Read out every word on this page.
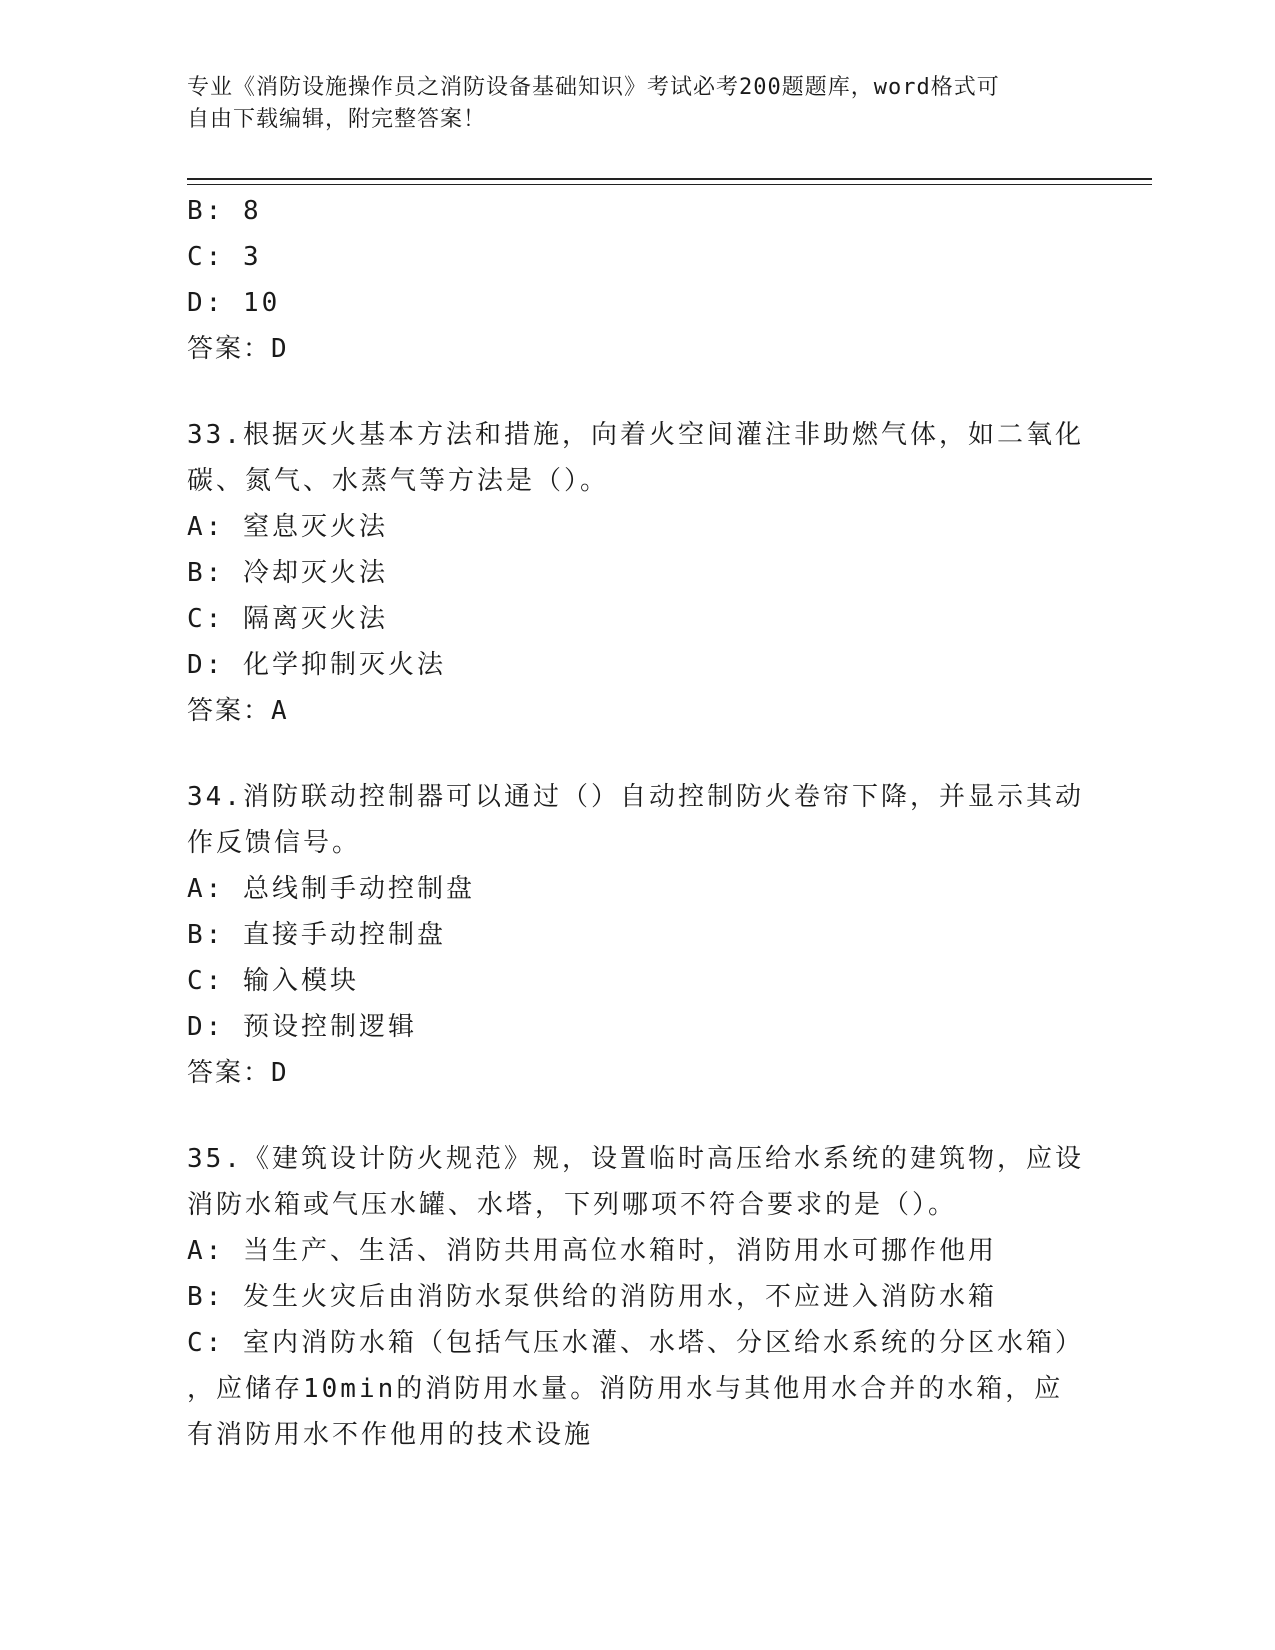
专业《消防设施操作员之消防设备基础知识》考试必考200题题库，word格式可
自由下载编辑，附完整答案！
B: 8
C: 3
D: 10
答案：D
33.根据灭火基本方法和措施，向着火空间灌注非助燃气体，如二氧化
碳、氮气、水蒸气等方法是（）。
A: 窒息灭火法
B: 冷却灭火法
C: 隔离灭火法
D: 化学抑制灭火法
答案：A
34.消防联动控制器可以通过（）自动控制防火卷帘下降，并显示其动
作反馈信号。
A: 总线制手动控制盘
B: 直接手动控制盘
C: 输入模块
D: 预设控制逻辑
答案：D
35.《建筑设计防火规范》规，设置临时高压给水系统的建筑物，应设
消防水箱或气压水罐、水塔，下列哪项不符合要求的是（）。
A: 当生产、生活、消防共用高位水箱时，消防用水可挪作他用
B: 发生火灾后由消防水泵供给的消防用水，不应进入消防水箱
C: 室内消防水箱（包括气压水灌、水塔、分区给水系统的分区水箱）
，应储存10min的消防用水量。消防用水与其他用水合并的水箱，应
有消防用水不作他用的技术设施
